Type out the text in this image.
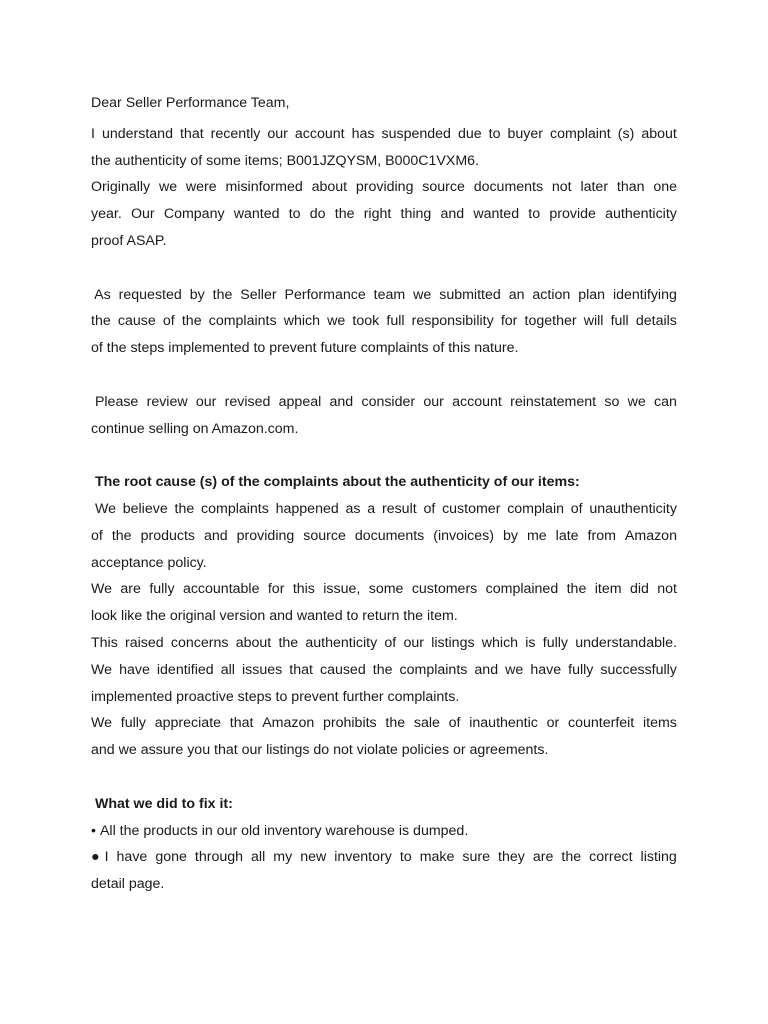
Dear Seller Performance Team,

I understand that recently our account has suspended due to buyer complaint (s) about

the authenticity of some items; B001JZQYSM, B000C1VXM6.

Originally we were misinformed about providing source documents not later than one

year. Our Company wanted to do the right thing and wanted to provide authenticity

proof ASAP.

As requested by the Seller Performance team we submitted an action plan identifying

the cause of the complaints which we took full responsibility for together will full details

of the steps implemented to prevent future complaints of this nature.

Please review our revised appeal and consider our account reinstatement so we can

continue selling on Amazon.com.

The root cause (s) of the complaints about the authenticity of our items:

We believe the complaints happened as a result of customer complain of unauthenticity

of the products and providing source documents (invoices) by me late from Amazon

acceptance policy.

We are fully accountable for this issue, some customers complained the item did not

look like the original version and wanted to return the item.

This raised concerns about the authenticity of our listings which is fully understandable.

We have identified all issues that caused the complaints and we have fully successfully

implemented proactive steps to prevent further complaints.

We fully appreciate that Amazon prohibits the sale of inauthentic or counterfeit items

and we assure you that our listings do not violate policies or agreements.

What we did to fix it:

• All the products in our old inventory warehouse is dumped.

● I have gone through all my new inventory to make sure they are the correct listing

detail page.
